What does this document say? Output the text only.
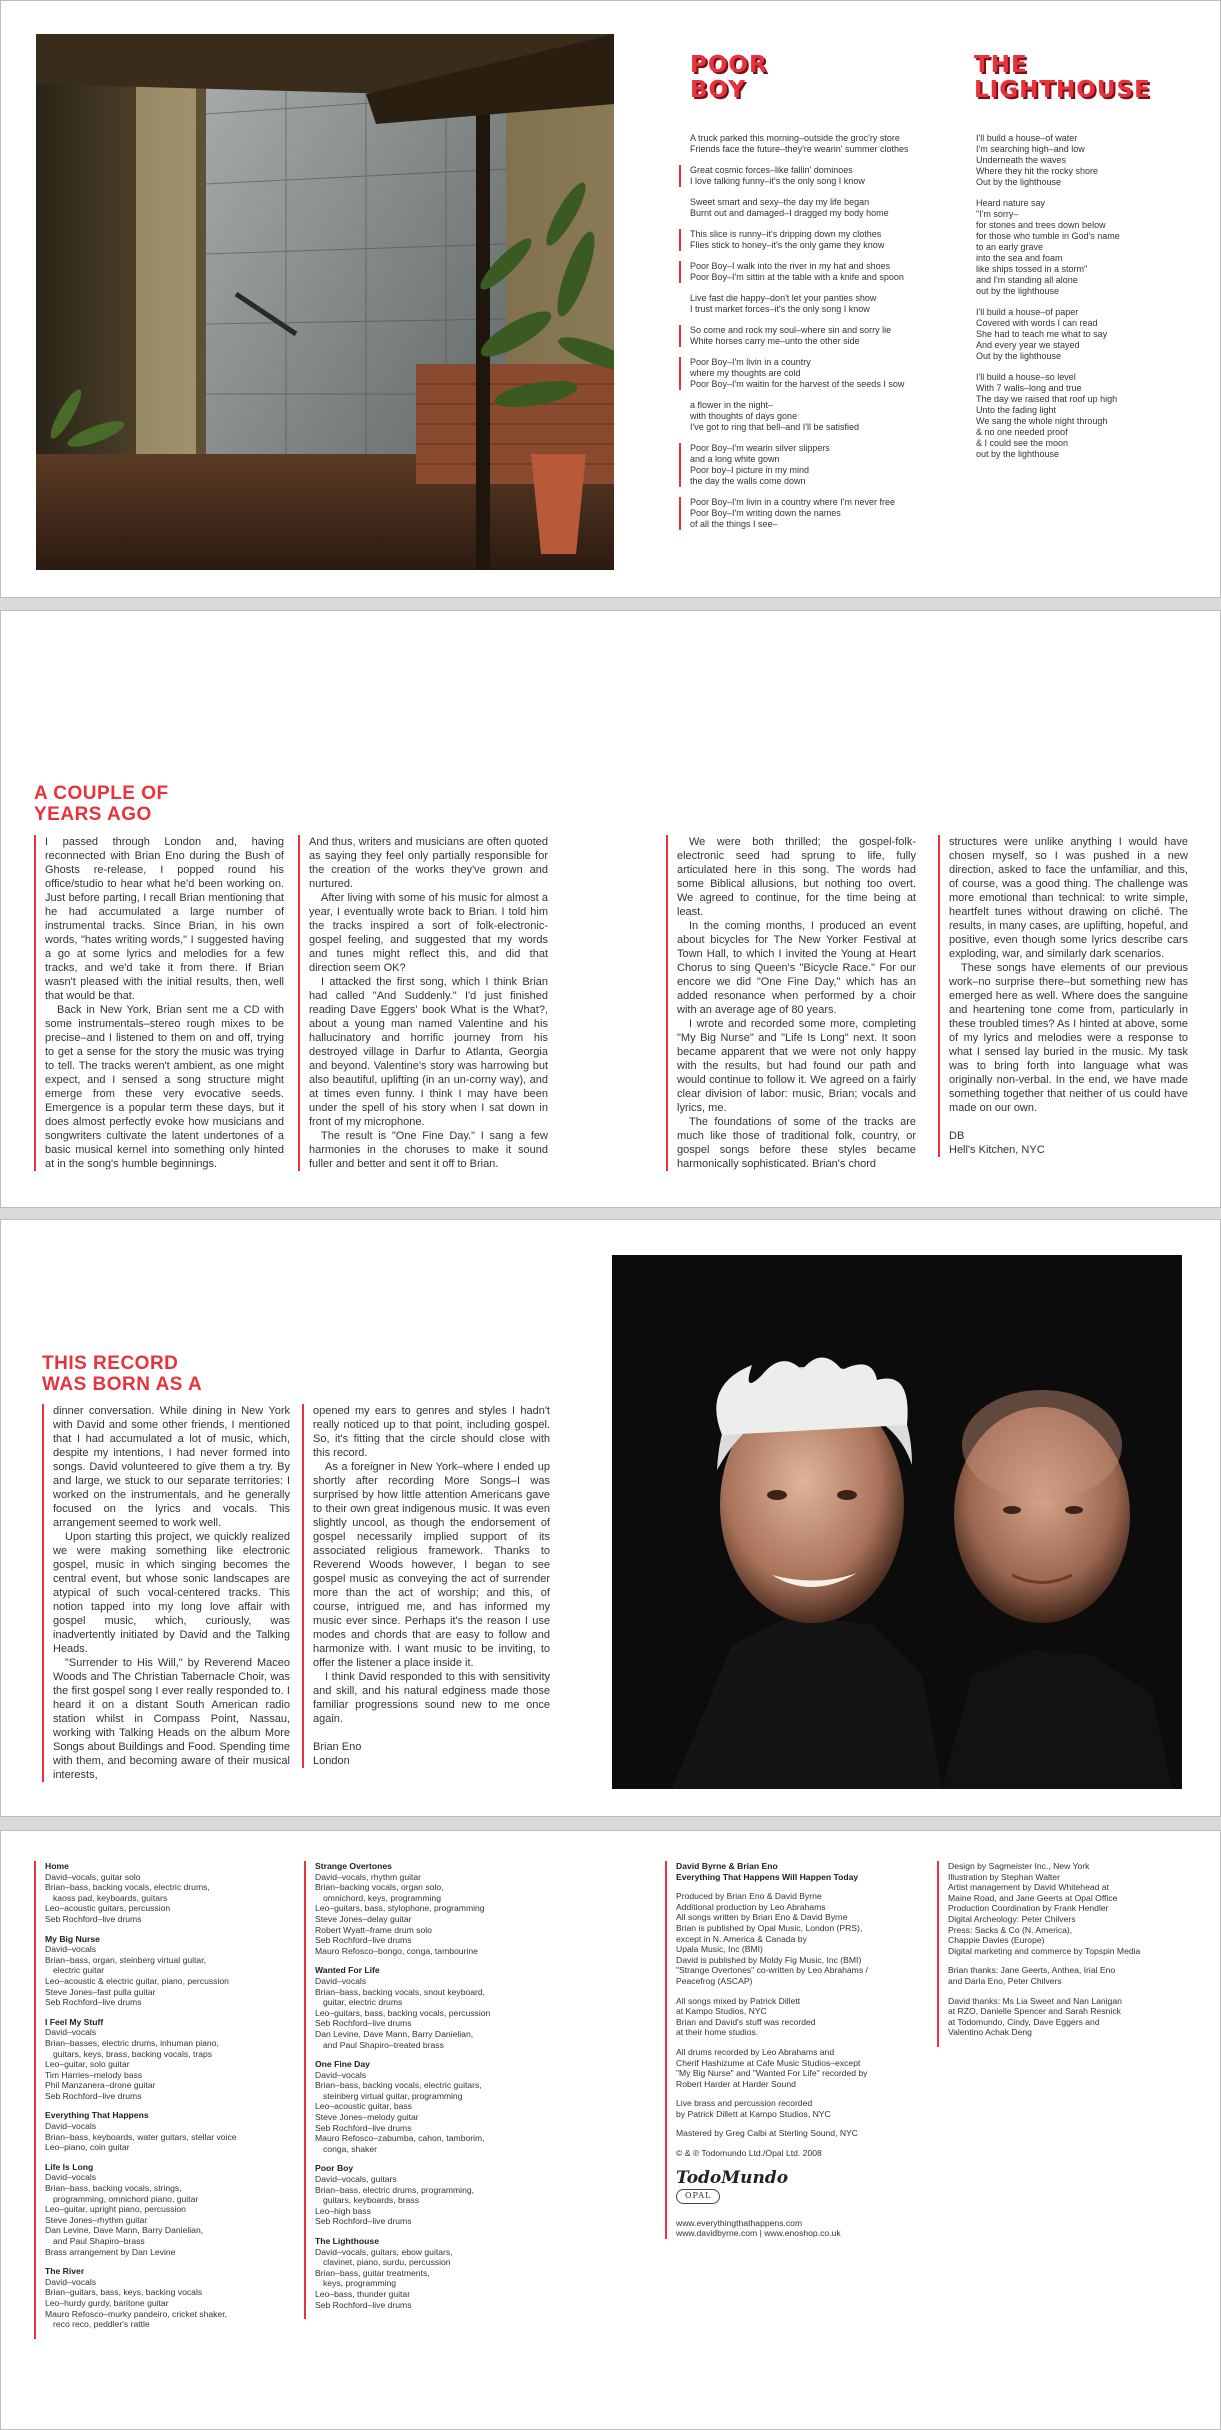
POOR BOY
A truck parked this morning–outside the groc'ry store
Friends face the future–they're wearin' summer clothes
Great cosmic forces–like fallin' dominoes
I love talking funny–it's the only song I know
Sweet smart and sexy–the day my life began
Burnt out and damaged–I dragged my body home
This slice is runny–it's dripping down my clothes
Flies stick to honey–it's the only game they know
Poor Boy–I walk into the river in my hat and shoes
Poor Boy–I'm sittin at the table with a knife and spoon
Live fast die happy–don't let your panties show
I trust market forces–it's the only song I know
So come and rock my soul–where sin and sorry lie
White horses carry me–unto the other side
Poor Boy–I'm livin in a country
where my thoughts are cold
Poor Boy–I'm waitin for the harvest of the seeds I sow
a flower in the night–
with thoughts of days gone
I've got to ring that bell–and I'll be satisfied
Poor Boy–I'm wearin silver slippers
and a long white gown
Poor boy–I picture in my mind
the day the walls come down
Poor Boy–I'm livin in a country where I'm never free
Poor Boy–I'm writing down the names
of all the things I see–
THE LIGHTHOUSE
I'll build a house–of water
I'm searching high–and low
Underneath the waves
Where they hit the rocky shore
Out by the lighthouse
Heard nature say
"I'm sorry–
for stones and trees down below
for those who tumble in God's name
to an early grave
into the sea and foam
like ships tossed in a storm"
and I'm standing all alone
out by the lighthouse
I'll build a house–of paper
Covered with words I can read
She had to teach me what to say
And every year we stayed
Out by the lighthouse
I'll build a house–so level
With 7 walls–long and true
The day we raised that roof up high
Unto the fading light
We sang the whole night through
& no one needed proof
& I could see the moon
out by the lighthouse
A COUPLE OF
YEARS AGO

I passed through London and, having reconnected with Brian Eno during the Bush of Ghosts re-release, I popped round his office/studio to hear what he'd been working on. Just before parting, I recall Brian mentioning that he had accumulated a large number of instrumental tracks. Since Brian, in his own words, "hates writing words," I suggested having a go at some lyrics and melodies for a few tracks, and we'd take it from there. If Brian wasn't pleased with the initial results, then, well that would be that.

Back in New York, Brian sent me a CD with some instrumentals–stereo rough mixes to be precise–and I listened to them on and off, trying to get a sense for the story the music was trying to tell. The tracks weren't ambient, as one might expect, and I sensed a song structure might emerge from these very evocative seeds. Emergence is a popular term these days, but it does almost perfectly evoke how musicians and songwriters cultivate the latent undertones of a basic musical kernel into something only hinted at in the song's humble beginnings.

And thus, writers and musicians are often quoted as saying they feel only partially responsible for the creation of the works they've grown and nurtured.

After living with some of his music for almost a year, I eventually wrote back to Brian. I told him the tracks inspired a sort of folk-electronic-gospel feeling, and suggested that my words and tunes might reflect this, and did that direction seem OK?

I attacked the first song, which I think Brian had called "And Suddenly." I'd just finished reading Dave Eggers' book What is the What?, about a young man named Valentine and his hallucinatory and horrific journey from his destroyed village in Darfur to Atlanta, Georgia and beyond. Valentine's story was harrowing but also beautiful, uplifting (in an un-corny way), and at times even funny. I think I may have been under the spell of his story when I sat down in front of my microphone.

The result is "One Fine Day." I sang a few harmonies in the choruses to make it sound fuller and better and sent it off to Brian.

We were both thrilled; the gospel-folk-electronic seed had sprung to life, fully articulated here in this song. The words had some Biblical allusions, but nothing too overt. We agreed to continue, for the time being at least.

In the coming months, I produced an event about bicycles for The New Yorker Festival at Town Hall, to which I invited the Young at Heart Chorus to sing Queen's "Bicycle Race." For our encore we did "One Fine Day," which has an added resonance when performed by a choir with an average age of 80 years.

I wrote and recorded some more, completing "My Big Nurse" and "Life Is Long" next. It soon became apparent that we were not only happy with the results, but had found our path and would continue to follow it. We agreed on a fairly clear division of labor: music, Brian; vocals and lyrics, me.

The foundations of some of the tracks are much like those of traditional folk, country, or gospel songs before these styles became harmonically sophisticated. Brian's chord

structures were unlike anything I would have chosen myself, so I was pushed in a new direction, asked to face the unfamiliar, and this, of course, was a good thing. The challenge was more emotional than technical: to write simple, heartfelt tunes without drawing on cliché. The results, in many cases, are uplifting, hopeful, and positive, even though some lyrics describe cars exploding, war, and similarly dark scenarios.

These songs have elements of our previous work–no surprise there–but something new has emerged here as well. Where does the sanguine and heartening tone come from, particularly in these troubled times? As I hinted at above, some of my lyrics and melodies were a response to what I sensed lay buried in the music. My task was to bring forth into language what was originally non-verbal. In the end, we have made something together that neither of us could have made on our own.

DB
Hell's Kitchen, NYC
THIS RECORD
WAS BORN AS A

dinner conversation. While dining in New York with David and some other friends, I mentioned that I had accumulated a lot of music, which, despite my intentions, I had never formed into songs. David volunteered to give them a try. By and large, we stuck to our separate territories: I worked on the instrumentals, and he generally focused on the lyrics and vocals. This arrangement seemed to work well.

Upon starting this project, we quickly realized we were making something like electronic gospel, music in which singing becomes the central event, but whose sonic landscapes are atypical of such vocal-centered tracks. This notion tapped into my long love affair with gospel music, which, curiously, was inadvertently initiated by David and the Talking Heads.

"Surrender to His Will," by Reverend Maceo Woods and The Christian Tabernacle Choir, was the first gospel song I ever really responded to. I heard it on a distant South American radio station whilst in Compass Point, Nassau, working with Talking Heads on the album More Songs about Buildings and Food. Spending time with them, and becoming aware of their musical interests,

opened my ears to genres and styles I hadn't really noticed up to that point, including gospel. So, it's fitting that the circle should close with this record.

As a foreigner in New York–where I ended up shortly after recording More Songs–I was surprised by how little attention Americans gave to their own great indigenous music. It was even slightly uncool, as though the endorsement of gospel necessarily implied support of its associated religious framework. Thanks to Reverend Woods however, I began to see gospel music as conveying the act of surrender more than the act of worship; and this, of course, intrigued me, and has informed my music ever since. Perhaps it's the reason I use modes and chords that are easy to follow and harmonize with. I want music to be inviting, to offer the listener a place inside it.

I think David responded to this with sensitivity and skill, and his natural edginess made those familiar progressions sound new to me once again.

Brian Eno
London
Home
David–vocals, guitar solo
Brian–bass, backing vocals, electric drums,
kaoss pad, keyboards, guitars
Leo–acoustic guitars, percussion
Seb Rochford–live drums
My Big Nurse
David–vocals
Brian–bass, organ, steinberg virtual guitar,
electric guitar
Leo–acoustic & electric guitar, piano, percussion
Steve Jones–fast pulla guitar
Seb Rochford–live drums
I Feel My Stuff
David–vocals
Brian–basses, electric drums, inhuman piano,
guitars, keys, brass, backing vocals, traps
Leo–guitar, solo guitar
Tim Harries–melody bass
Phil Manzanera–drone guitar
Seb Rochford–live drums
Everything That Happens
David–vocals
Brian–bass, keyboards, water guitars, stellar voice
Leo–piano, coin guitar
Life Is Long
David–vocals
Brian–bass, backing vocals, strings,
programming, omnichord piano, guitar
Leo–guitar, upright piano, percussion
Steve Jones–rhythm guitar
Dan Levine, Dave Mann, Barry Danielian,
and Paul Shapiro–brass
Brass arrangement by Dan Levine
The River
David–vocals
Brian–guitars, bass, keys, backing vocals
Leo–hurdy gurdy, baritone guitar
Mauro Refosco–murky pandeiro, cricket shaker,
reco reco, peddler's rattle
Strange Overtones
David–vocals, rhythm guitar
Brian–backing vocals, organ solo,
omnichord, keys, programming
Leo–guitars, bass, stylophone, programming
Steve Jones–delay guitar
Robert Wyatt–frame drum solo
Seb Rochford–live drums
Mauro Refosco–bongo, conga, tambourine
Wanted For Life
David–vocals
Brian–bass, backing vocals, snout keyboard,
guitar, electric drums
Leo–guitars, bass, backing vocals, percussion
Seb Rochford–live drums
Dan Levine, Dave Mann, Barry Danielian,
and Paul Shapiro–treated brass
One Fine Day
David–vocals
Brian–bass, backing vocals, electric guitars,
steinberg virtual guitar, programming
Leo–acoustic guitar, bass
Steve Jones–melody guitar
Seb Rochford–live drums
Mauro Refosco–zabumba, cahon, tamborim,
conga, shaker
Poor Boy
David–vocals, guitars
Brian–bass, electric drums, programming,
guitars, keyboards, brass
Leo–high bass
Seb Rochford–live drums
The Lighthouse
David–vocals, guitars, ebow guitars,
clavinet, piano, surdu, percussion
Brian–bass, guitar treatments,
keys, programming
Leo–bass, thunder guitar
Seb Rochford–live drums
David Byrne & Brian Eno
Everything That Happens Will Happen Today
Produced by Brian Eno & David Byrne
Additional production by Leo Abrahams
All songs written by Brian Eno & David Byrne
Brian is published by Opal Music, London (PRS),
except in N. America & Canada by
Upala Music, Inc (BMI)
David is published by Moldy Fig Music, Inc (BMI)
"Strange Overtones" co-written by Leo Abrahams /
Peacefrog (ASCAP)
All songs mixed by Patrick Dillett
at Kampo Studios, NYC
Brian and David's stuff was recorded
at their home studios.
All drums recorded by Leo Abrahams and
Cherif Hashizume at Cafe Music Studios–except
"My Big Nurse" and "Wanted For Life" recorded by
Robert Harder at Harder Sound
Live brass and percussion recorded
by Patrick Dillett at Kampo Studios, NYC
Mastered by Greg Calbi at Sterling Sound, NYC
© & ℗ Todomundo Ltd./Opal Ltd. 2008
TodoMundo
OPAL
www.everythingthathappens.com
www.davidbyrne.com | www.enoshop.co.uk
Design by Sagmeister Inc., New York
Illustration by Stephan Walter
Artist management by David Whitehead at
Maine Road, and Jane Geerts at Opal Office
Production Coordination by Frank Hendler
Digital Archeology: Peter Chilvers
Press: Sacks & Co (N. America),
Chappie Davies (Europe)
Digital marketing and commerce by Topspin Media
Brian thanks: Jane Geerts, Anthea, Irial Eno
and Darla Eno, Peter Chilvers
David thanks: Ms Lia Sweet and Nan Lanigan
at RZO, Danielle Spencer and Sarah Resnick
at Todomundo, Cindy, Dave Eggers and
Valentino Achak Deng
